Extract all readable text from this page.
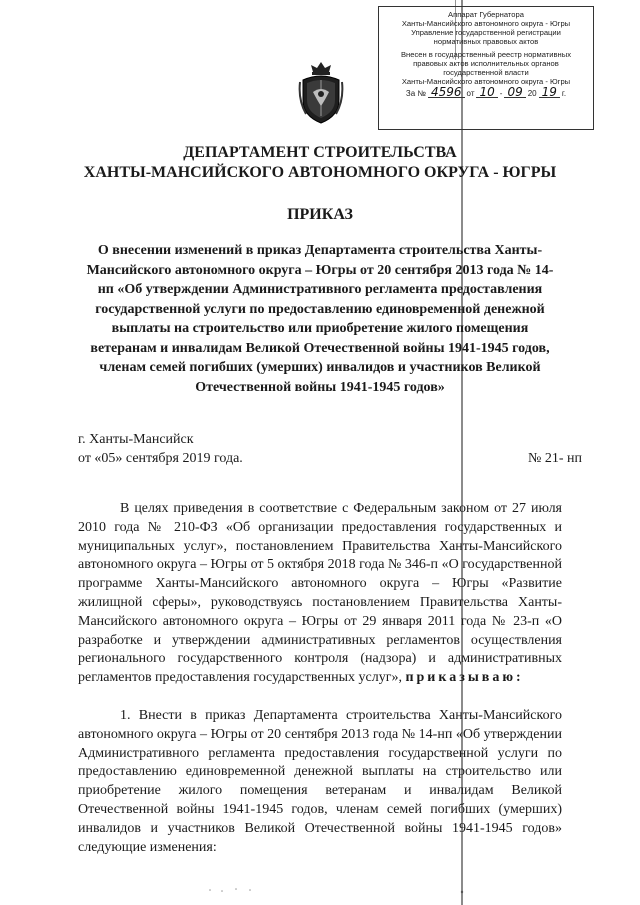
Аппарат Губернатора
Ханты-Мансийского автономного округа - Югры
Управление государственной регистрации
нормативных правовых актов
Внесен в государственный реестр нормативных
правовых актов исполнительных органов
государственной власти
Ханты-Мансийского автономного округа - Югры
За № 4596 от 10 - 09 20 19 г.
ДЕПАРТАМЕНТ СТРОИТЕЛЬСТВА
ХАНТЫ-МАНСИЙСКОГО АВТОНОМНОГО ОКРУГА - ЮГРЫ
ПРИКАЗ
О внесении изменений в приказ Департамента строительства Ханты-Мансийского автономного округа – Югры от 20 сентября 2013 года № 14-нп «Об утверждении Административного регламента предоставления государственной услуги по предоставлению единовременной денежной выплаты на строительство или приобретение жилого помещения ветеранам и инвалидам Великой Отечественной войны 1941-1945 годов, членам семей погибших (умерших) инвалидов и участников Великой Отечественной войны 1941-1945 годов»
г. Ханты-Мансийск
от «05» сентября 2019 года.	№ 21- нп
В целях приведения в соответствие с Федеральным законом от 27 июля 2010 года № 210-ФЗ «Об организации предоставления государственных и муниципальных услуг», постановлением Правительства Ханты-Мансийского автономного округа – Югры от 5 октября 2018 года № 346-п «О государственной программе Ханты-Мансийского автономного округа – Югры «Развитие жилищной сферы», руководствуясь постановлением Правительства Ханты-Мансийского автономного округа – Югры от 29 января 2011 года № 23-п «О разработке и утверждении административных регламентов осуществления регионального государственного контроля (надзора) и административных регламентов предоставления государственных услуг», приказываю:
1. Внести в приказ Департамента строительства Ханты-Мансийского автономного округа – Югры от 20 сентября 2013 года № 14-нп «Об утверждении Административного регламента предоставления государственной услуги по предоставлению единовременной денежной выплаты на строительство или приобретение жилого помещения ветеранам и инвалидам Великой Отечественной войны 1941-1945 годов, членам семей погибших (умерших) инвалидов и участников Великой Отечественной войны 1941-1945 годов» следующие изменения:
